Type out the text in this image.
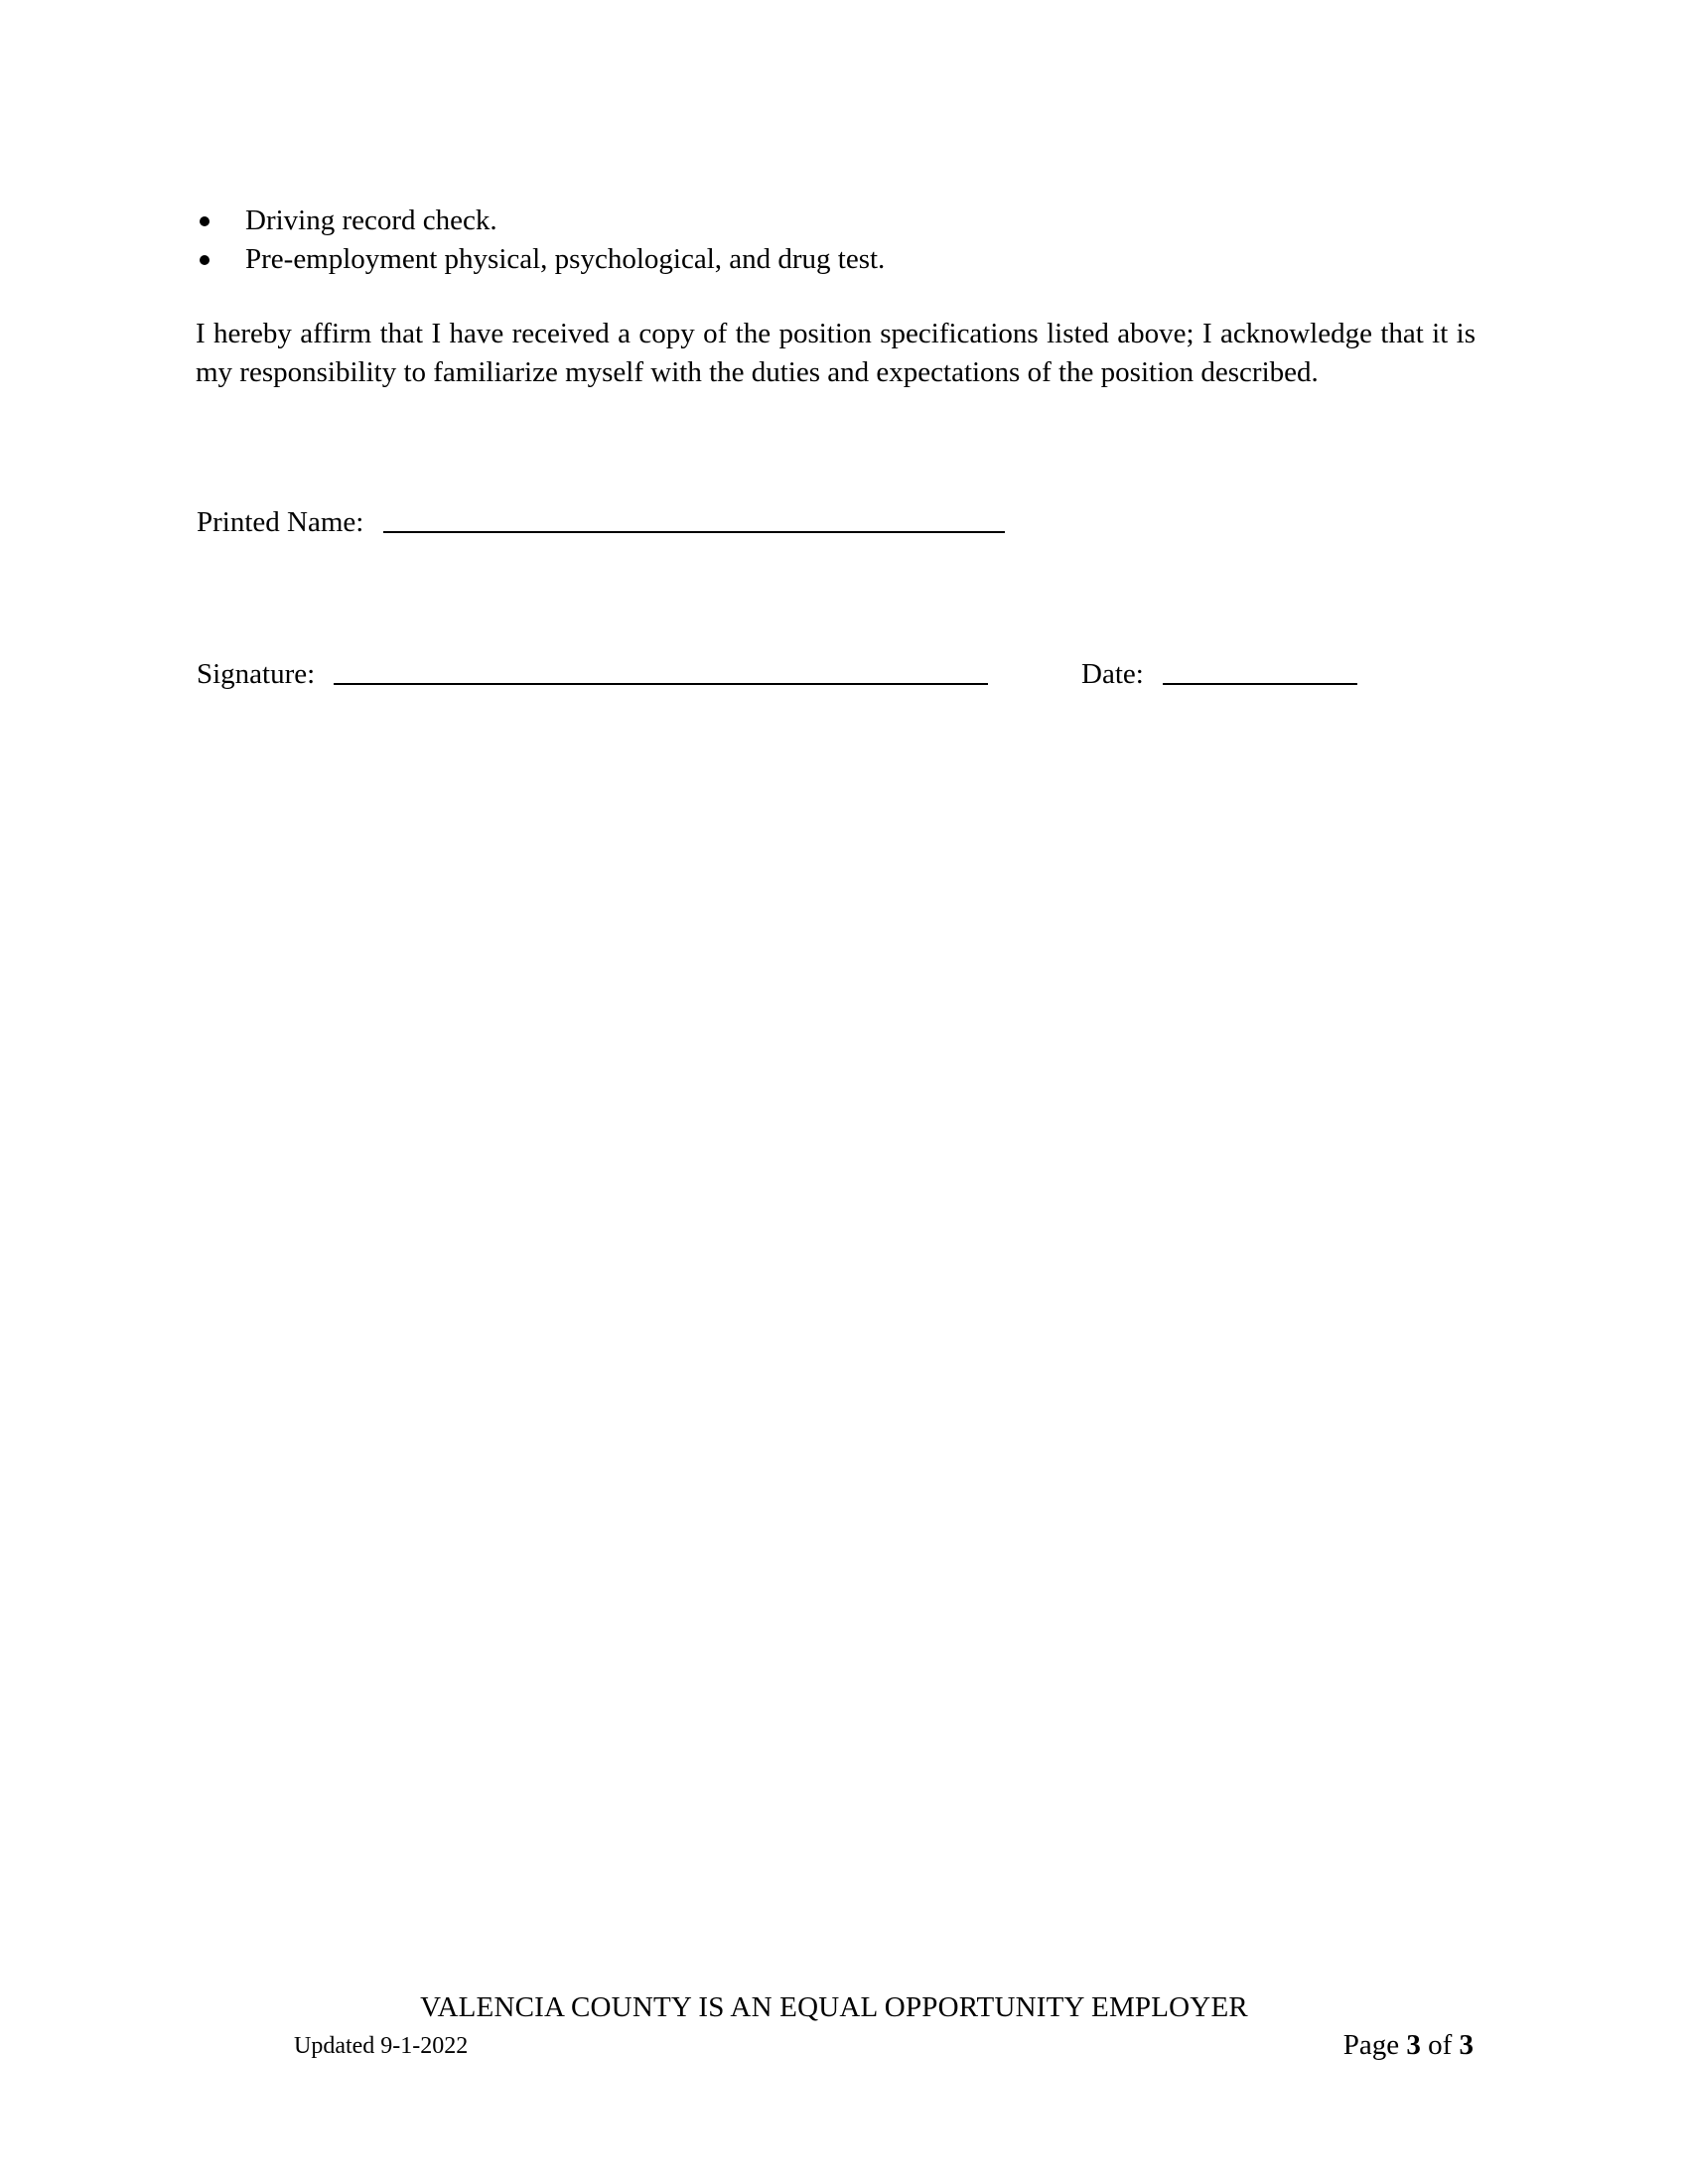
Driving record check.
Pre-employment physical, psychological, and drug test.

I hereby affirm that I have received a copy of the position specifications listed above; I acknowledge that it is my responsibility to familiarize myself with the duties and expectations of the position described.

Printed Name:
Signature:	Date:
VALENCIA COUNTY IS AN EQUAL OPPORTUNITY EMPLOYER
Updated 9-1-2022	Page 3 of 3
